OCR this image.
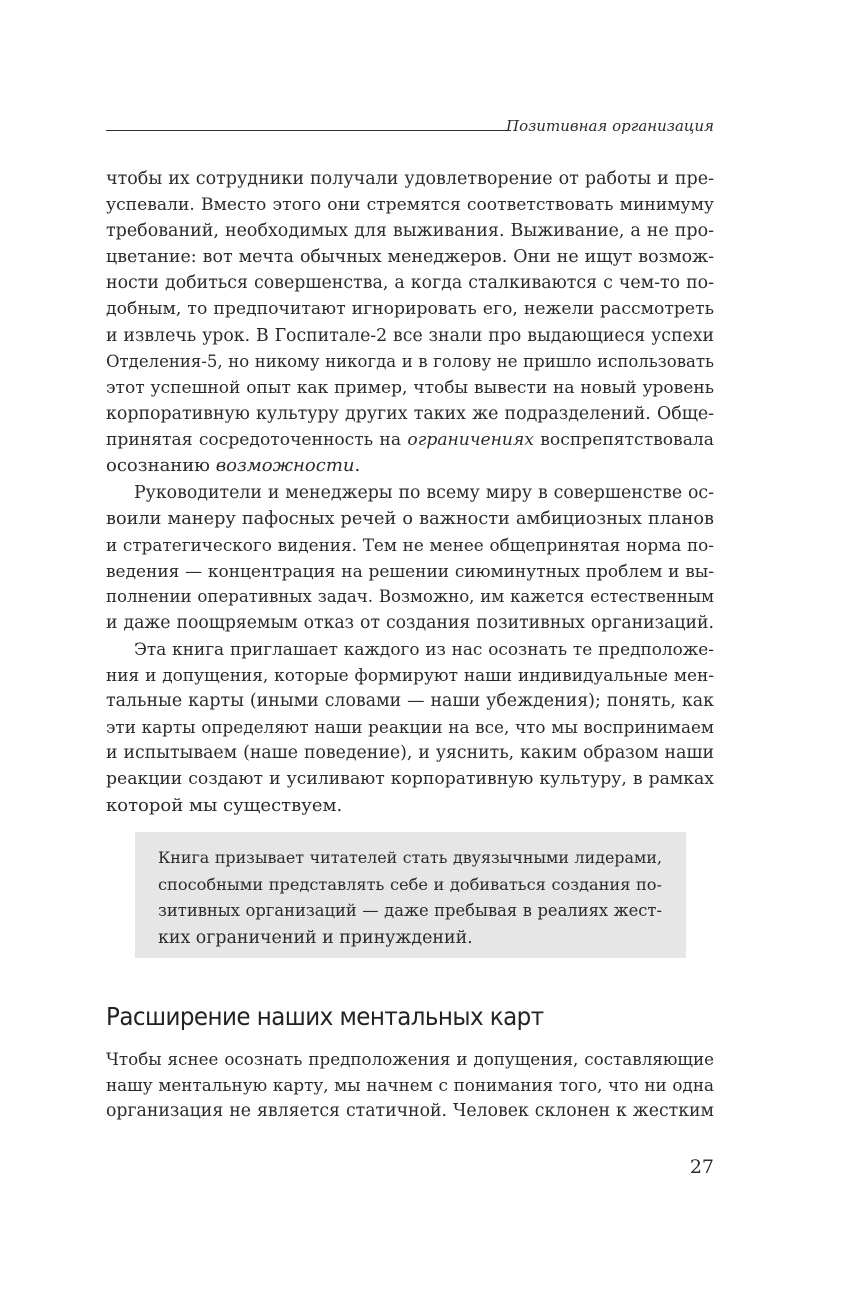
Позитивная организация
чтобы их сотрудники получали удовлетворение от работы и пре-
успевали. Вместо этого они стремятся соответствовать минимуму
требований, необходимых для выживания. Выживание, а не про-
цветание: вот мечта обычных менеджеров. Они не ищут возмож-
ности добиться совершенства, а когда сталкиваются с чем-то по-
добным, то предпочитают игнорировать его, нежели рассмотреть
и извлечь урок. В Госпитале-2 все знали про выдающиеся успехи
Отделения-5, но никому никогда и в голову не пришло использовать
этот успешной опыт как пример, чтобы вывести на новый уровень
корпоративную культуру других таких же подразделений. Обще-
принятая сосредоточенность на ограничениях воспрепятствовала
осознанию возможности.
Руководители и менеджеры по всему миру в совершенстве ос-
воили манеру пафосных речей о важности амбициозных планов
и стратегического видения. Тем не менее общепринятая норма по-
ведения — концентрация на решении сиюминутных проблем и вы-
полнении оперативных задач. Возможно, им кажется естественным
и даже поощряемым отказ от создания позитивных организаций.
Эта книга приглашает каждого из нас осознать те предположе-
ния и допущения, которые формируют наши индивидуальные мен-
тальные карты (иными словами — наши убеждения); понять, как
эти карты определяют наши реакции на все, что мы воспринимаем
и испытываем (наше поведение), и уяснить, каким образом наши
реакции создают и усиливают корпоративную культуру, в рамках
которой мы существуем.
Книга призывает читателей стать двуязычными лидерами,
способными представлять себе и добиваться создания по-
зитивных организаций — даже пребывая в реалиях жест-
ких ограничений и принуждений.
Расширение наших ментальных карт
Чтобы яснее осознать предположения и допущения, составляющие
нашу ментальную карту, мы начнем с понимания того, что ни одна
организация не является статичной. Человек склонен к жестким
27
